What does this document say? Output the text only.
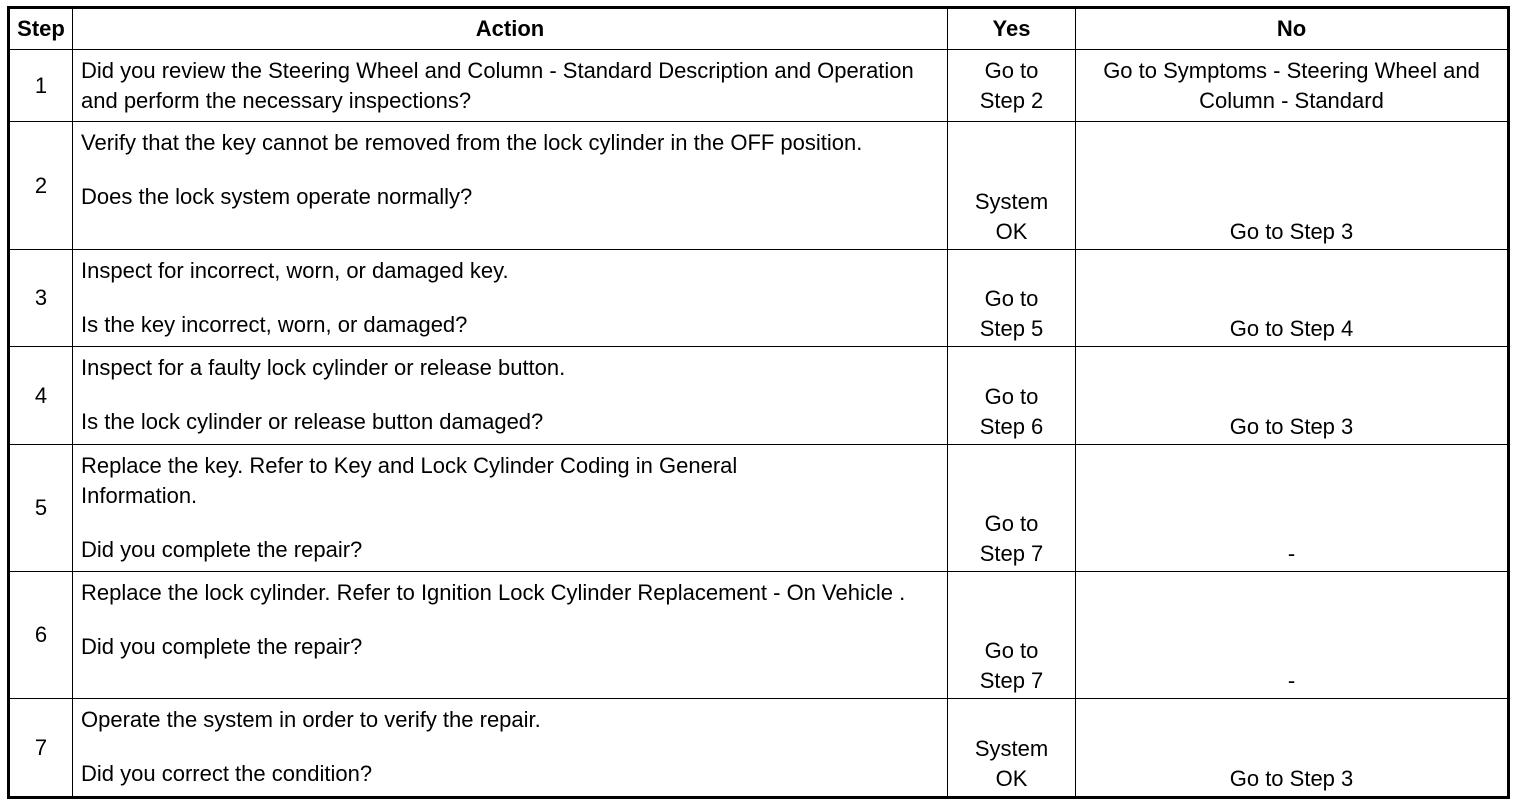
Step	Action	Yes	No
1	Did you review the Steering Wheel and Column - Standard Description and Operation and perform the necessary inspections?	Go to Step 2	Go to Symptoms - Steering Wheel and Column - Standard

2	Verify that the key cannot be removed from the lock cylinder in the OFF position.
Does the lock system operate normally?	System OK	Go to Step 3

3	Inspect for incorrect, worn, or damaged key.
Is the key incorrect, worn, or damaged?	Go to Step 5	Go to Step 4

4	Inspect for a faulty lock cylinder or release button.
Is the lock cylinder or release button damaged?	Go to Step 6	Go to Step 3

5	Replace the key. Refer to Key and Lock Cylinder Coding in General Information.
Did you complete the repair?	Go to Step 7	-

6	Replace the lock cylinder. Refer to Ignition Lock Cylinder Replacement - On Vehicle .
Did you complete the repair?	Go to Step 7	-

7	Operate the system in order to verify the repair.
Did you correct the condition?	System OK	Go to Step 3
